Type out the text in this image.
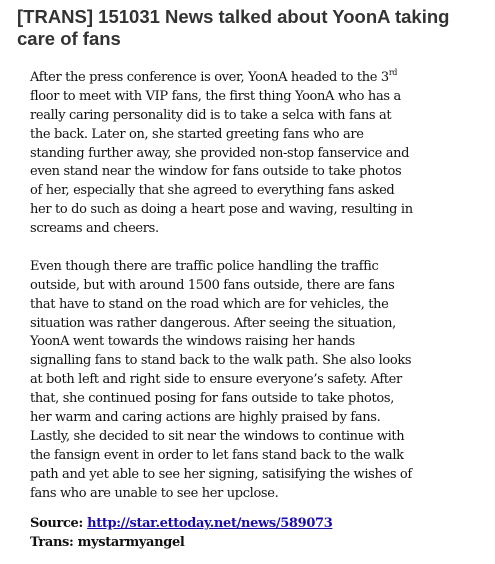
[TRANS] 151031 News talked about YoonA taking care of fans
After the press conference is over, YoonA headed to the 3rd
floor to meet with VIP fans, the first thing YoonA who has a
really caring personality did is to take a selca with fans at
the back. Later on, she started greeting fans who are
standing further away, she provided non-stop fanservice and
even stand near the window for fans outside to take photos
of her, especially that she agreed to everything fans asked
her to do such as doing a heart pose and waving, resulting in
screams and cheers.
Even though there are traffic police handling the traffic
outside, but with around 1500 fans outside, there are fans
that have to stand on the road which are for vehicles, the
situation was rather dangerous. After seeing the situation,
YoonA went towards the windows raising her hands
signalling fans to stand back to the walk path. She also looks
at both left and right side to ensure everyone’s safety. After
that, she continued posing for fans outside to take photos,
her warm and caring actions are highly praised by fans.
Lastly, she decided to sit near the windows to continue with
the fansign event in order to let fans stand back to the walk
path and yet able to see her signing, satisifying the wishes of
fans who are unable to see her upclose.
Source: http://star.ettoday.net/news/589073
Trans: mystarmyangel
